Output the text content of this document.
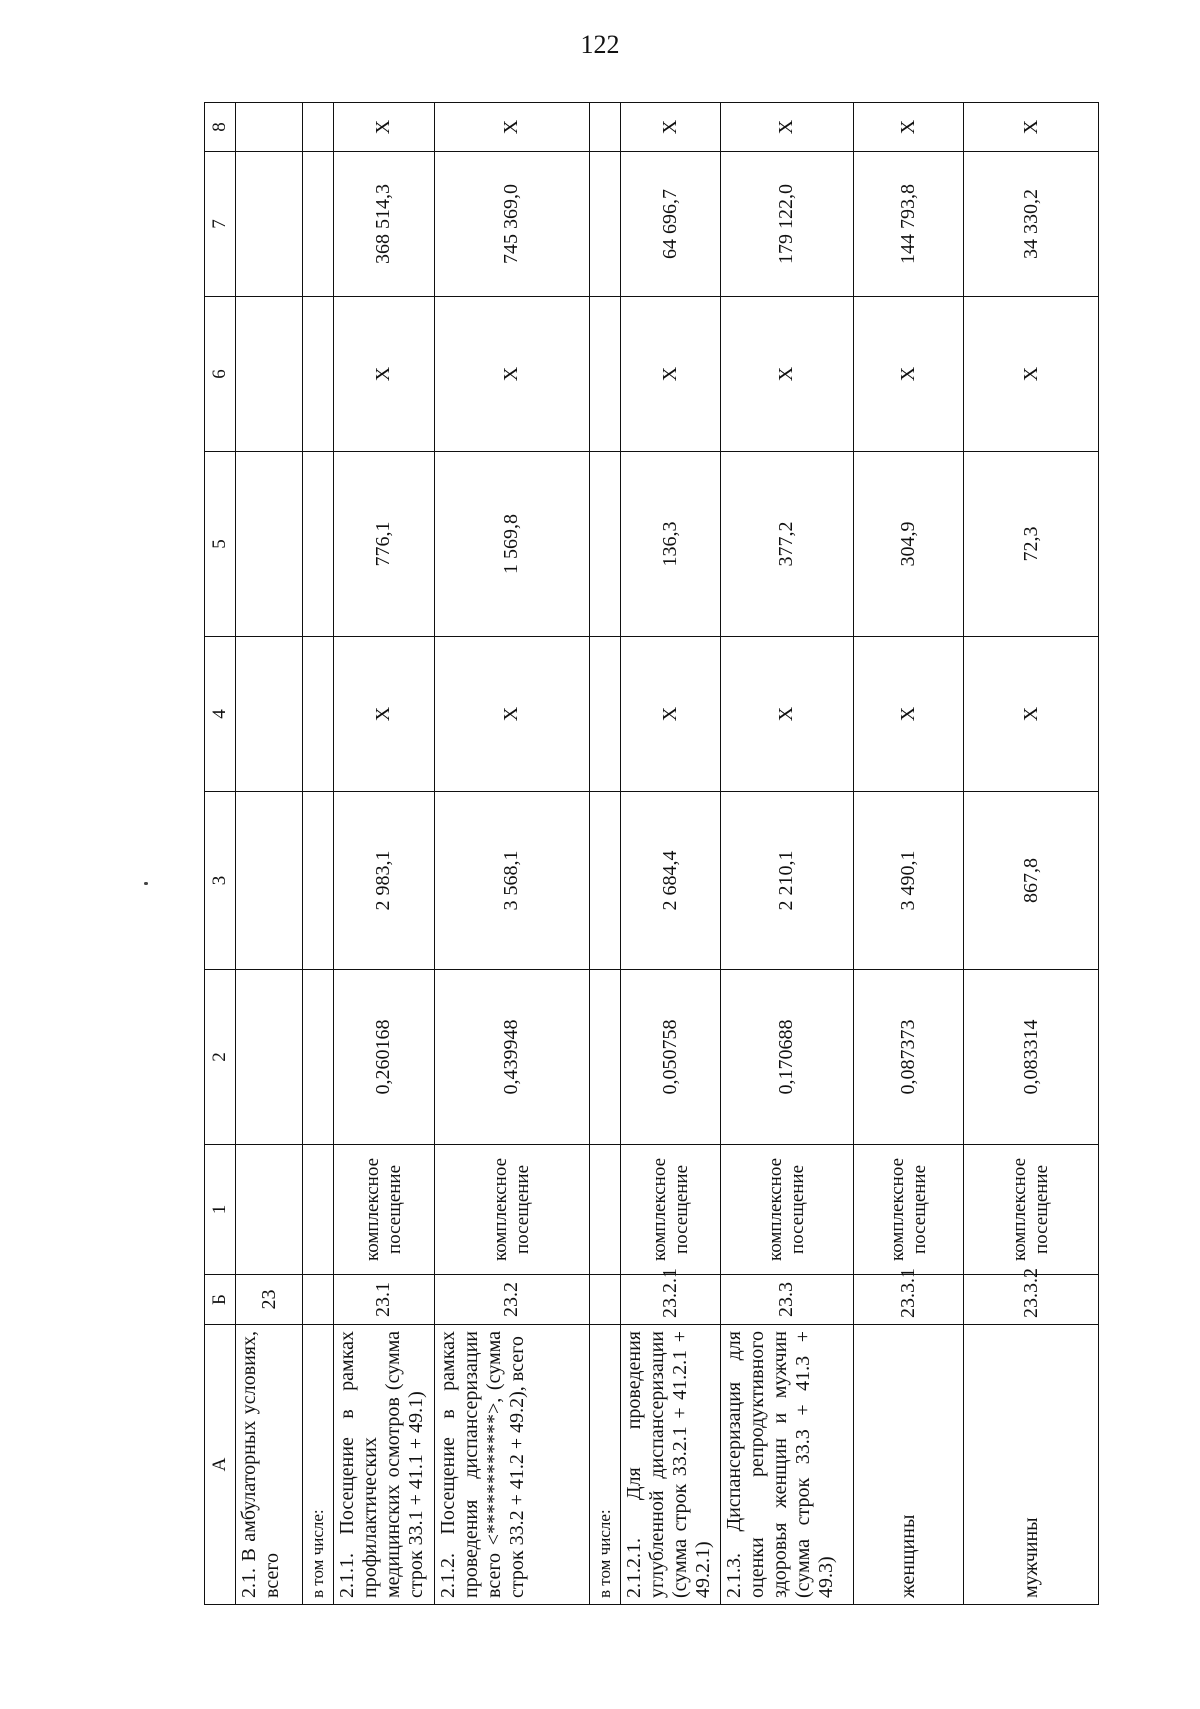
122
А	Б	1	2	3	4	5	6	7	8
2.1. В амбулаторных условиях, всего	23								
в том числе:									
2.1.1. Посещение в рамках профилактических медицинских осмотров (сумма строк 33.1 + 41.1 + 49.1)	23.1	комплексное посещение	0,260168	2 983,1	X	776,1	X	368 514,3	X
2.1.2. Посещение в рамках проведения диспансеризации всего <************>, (сумма строк 33.2 + 41.2 + 49.2), всего	23.2	комплексное посещение	0,439948	3 568,1	X	1 569,8	X	745 369,0	X
в том числе:									
2.1.2.1. Для проведения углубленной диспансеризации (сумма строк 33.2.1 + 41.2.1 + 49.2.1)	23.2.1	комплексное посещение	0,050758	2 684,4	X	136,3	X	64 696,7	X
2.1.3. Диспансеризация для оценки репродуктивного здоровья женщин и мужчин (сумма строк 33.3 + 41.3 + 49.3)	23.3	комплексное посещение	0,170688	2 210,1	X	377,2	X	179 122,0	X
женщины	23.3.1	комплексное посещение	0,087373	3 490,1	X	304,9	X	144 793,8	X
мужчины	23.3.2	комплексное посещение	0,083314	867,8	X	72,3	X	34 330,2	X
